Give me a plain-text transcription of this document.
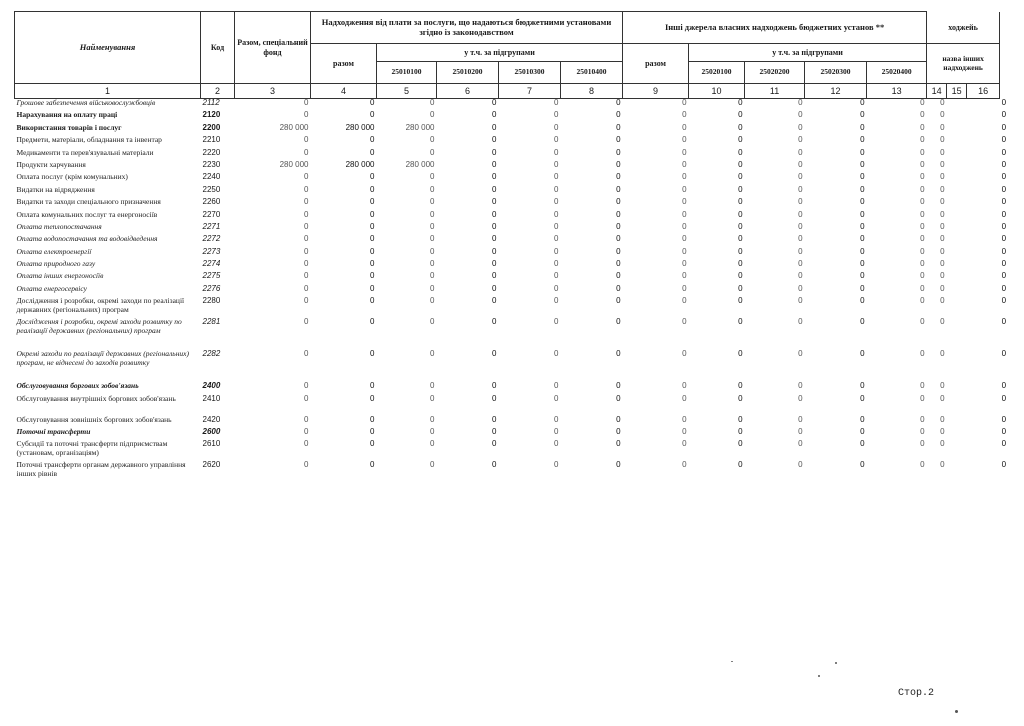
Найменування	Код	Разом, спеціальний фонд	Надходження від плати за послуги, що надаються бюджетними установами згідно із законодавством					Інші джерела власних надходжень бюджетних установ **					ходжейь			
			разом	у т.ч. за підгрупами				разом	у т.ч. за підгрупами				назва інших надходжень			
				25010100	25010200	25010300	25010400		25020100	25020200	25020300	25020400				
1	2	3	4	5	6	7	8	9	10	11	12	13	14	15	16	
Грошове забезпечення військовослужбовців	2112	0	0	0	0	0	0	0	0	0	0	0	0			0
Нарахування на оплату праці	2120	0	0	0	0	0	0	0	0	0	0	0	0			0
Використання товарів і послуг	2200	280 000	280 000	280 000	0	0	0	0	0	0	0	0	0			0
Предмети, матеріали, обладнання та інвентар	2210	0	0	0	0	0	0	0	0	0	0	0	0			0
Медикаменти та перев'язувальні матеріали	2220	0	0	0	0	0	0	0	0	0	0	0	0			0
Продукти харчування	2230	280 000	280 000	280 000	0	0	0	0	0	0	0	0	0			0
Оплата послуг (крім комунальних)	2240	0	0	0	0	0	0	0	0	0	0	0	0			0
Видатки на відрядження	2250	0	0	0	0	0	0	0	0	0	0	0	0			0
Видатки та заходи спеціального призначення	2260	0	0	0	0	0	0	0	0	0	0	0	0			0
Оплата комунальних послуг та енергоносіїв	2270	0	0	0	0	0	0	0	0	0	0	0	0			0
Оплата теплопостачання	2271	0	0	0	0	0	0	0	0	0	0	0	0			0
Оплата водопостачання та водовідведення	2272	0	0	0	0	0	0	0	0	0	0	0	0			0
Оплата електроенергії	2273	0	0	0	0	0	0	0	0	0	0	0	0			0
Оплата природного газу	2274	0	0	0	0	0	0	0	0	0	0	0	0			0
Оплата інших енергоносіїв	2275	0	0	0	0	0	0	0	0	0	0	0	0			0
Оплата енергосервісу	2276	0	0	0	0	0	0	0	0	0	0	0	0			0
Дослідження і розробки, окремі заходи по реалізації державних (регіональних) програм	2280	0	0	0	0	0	0	0	0	0	0	0	0			0
Дослідження і розробки, окремі заходи розвитку по реалізації державних (регіональних) програм	2281	0	0	0	0	0	0	0	0	0	0	0	0			0
Окремі заходи по реалізації державних (регіональних) програм, не віднесені до заходів розвитку	2282	0	0	0	0	0	0	0	0	0	0	0	0			0
Обслуговування боргових зобов'язань	2400	0	0	0	0	0	0	0	0	0	0	0	0			0
Обслуговування внутрішніх боргових зобов'язань	2410	0	0	0	0	0	0	0	0	0	0	0	0			0
Обслуговування зовнішніх боргових зобов'язань	2420	0	0	0	0	0	0	0	0	0	0	0	0			0
Поточні трансферти	2600	0	0	0	0	0	0	0	0	0	0	0	0			0
Субсидії та поточні трансферти підприємствам (установам, організаціям)	2610	0	0	0	0	0	0	0	0	0	0	0	0			0
Поточні трансферти органам державного управління інших рівнів	2620	0	0	0	0	0	0	0	0	0	0	0	0			0
Стор.2
